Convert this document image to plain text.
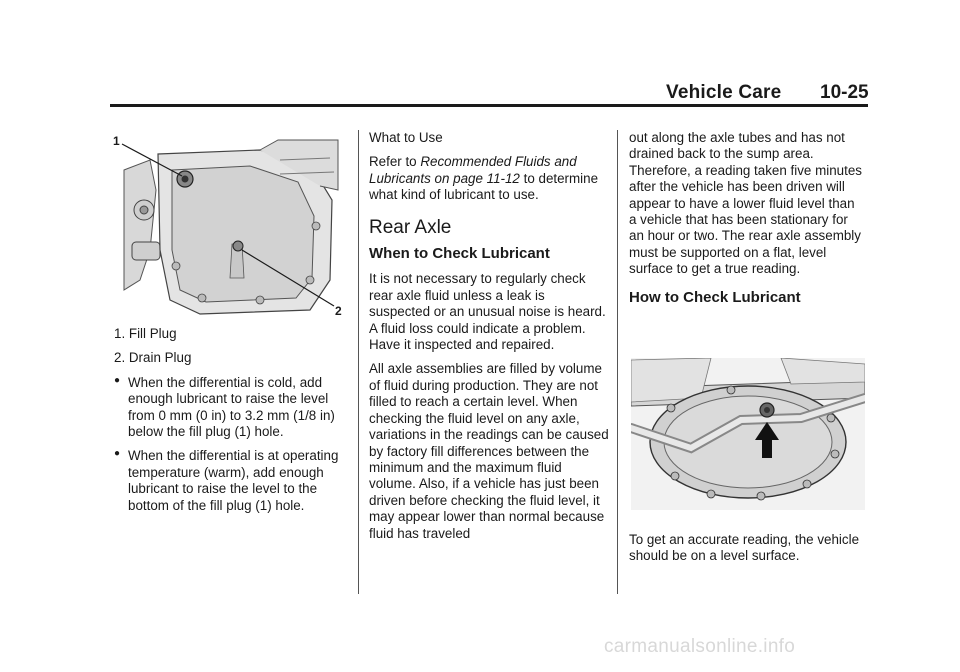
Vehicle Care 10-25
1
2

1. Fill Plug

2. Drain Plug

● When the differential is cold, add enough lubricant to raise the level from 0 mm (0 in) to 3.2 mm (1/8 in) below the fill plug (1) hole.
● When the differential is at operating temperature (warm), add enough lubricant to raise the level to the bottom of the fill plug (1) hole.

What to Use

Refer to Recommended Fluids and Lubricants on page 11-12 to determine what kind of lubricant to use.

Rear Axle
When to Check Lubricant

It is not necessary to regularly check rear axle fluid unless a leak is suspected or an unusual noise is heard. A fluid loss could indicate a problem. Have it inspected and repaired.

All axle assemblies are filled by volume of fluid during production. They are not filled to reach a certain level. When checking the fluid level on any axle, variations in the readings can be caused by factory fill differences between the minimum and the maximum fluid volume. Also, if a vehicle has just been driven before checking the fluid level, it may appear lower than normal because fluid has traveled

out along the axle tubes and has not drained back to the sump area. Therefore, a reading taken five minutes after the vehicle has been driven will appear to have a lower fluid level than a vehicle that has been stationary for an hour or two. The rear axle assembly must be supported on a flat, level surface to get a true reading.

How to Check Lubricant

To get an accurate reading, the vehicle should be on a level surface.

carmanualsonline.info
